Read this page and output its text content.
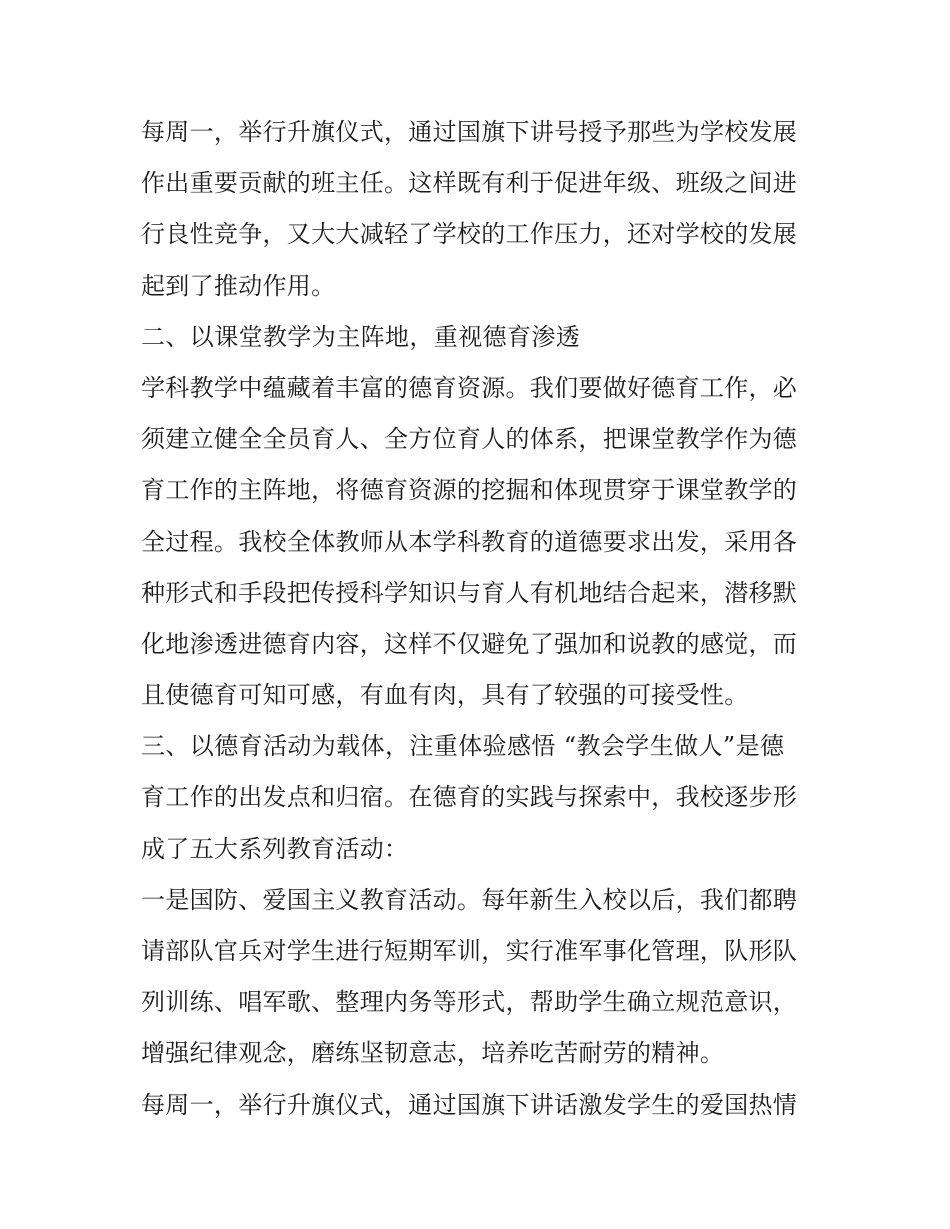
每周一，举行升旗仪式，通过国旗下讲号授予那些为学校发展
作出重要贡献的班主任。这样既有利于促进年级、班级之间进
行良性竞争，又大大减轻了学校的工作压力，还对学校的发展
起到了推动作用。
二、以课堂教学为主阵地，重视德育渗透
学科教学中蕴藏着丰富的德育资源。我们要做好德育工作，必
须建立健全全员育人、全方位育人的体系，把课堂教学作为德
育工作的主阵地，将德育资源的挖掘和体现贯穿于课堂教学的
全过程。我校全体教师从本学科教育的道德要求出发，采用各
种形式和手段把传授科学知识与育人有机地结合起来，潜移默
化地渗透进德育内容，这样不仅避免了强加和说教的感觉，而
且使德育可知可感，有血有肉，具有了较强的可接受性。
三、以德育活动为载体，注重体验感悟 “教会学生做人”是德
育工作的出发点和归宿。在德育的实践与探索中，我校逐步形
成了五大系列教育活动：
一是国防、爱国主义教育活动。每年新生入校以后，我们都聘
请部队官兵对学生进行短期军训，实行准军事化管理，队形队
列训练、唱军歌、整理内务等形式，帮助学生确立规范意识，
增强纪律观念，磨练坚韧意志，培养吃苦耐劳的精神。
每周一，举行升旗仪式，通过国旗下讲话激发学生的爱国热情
